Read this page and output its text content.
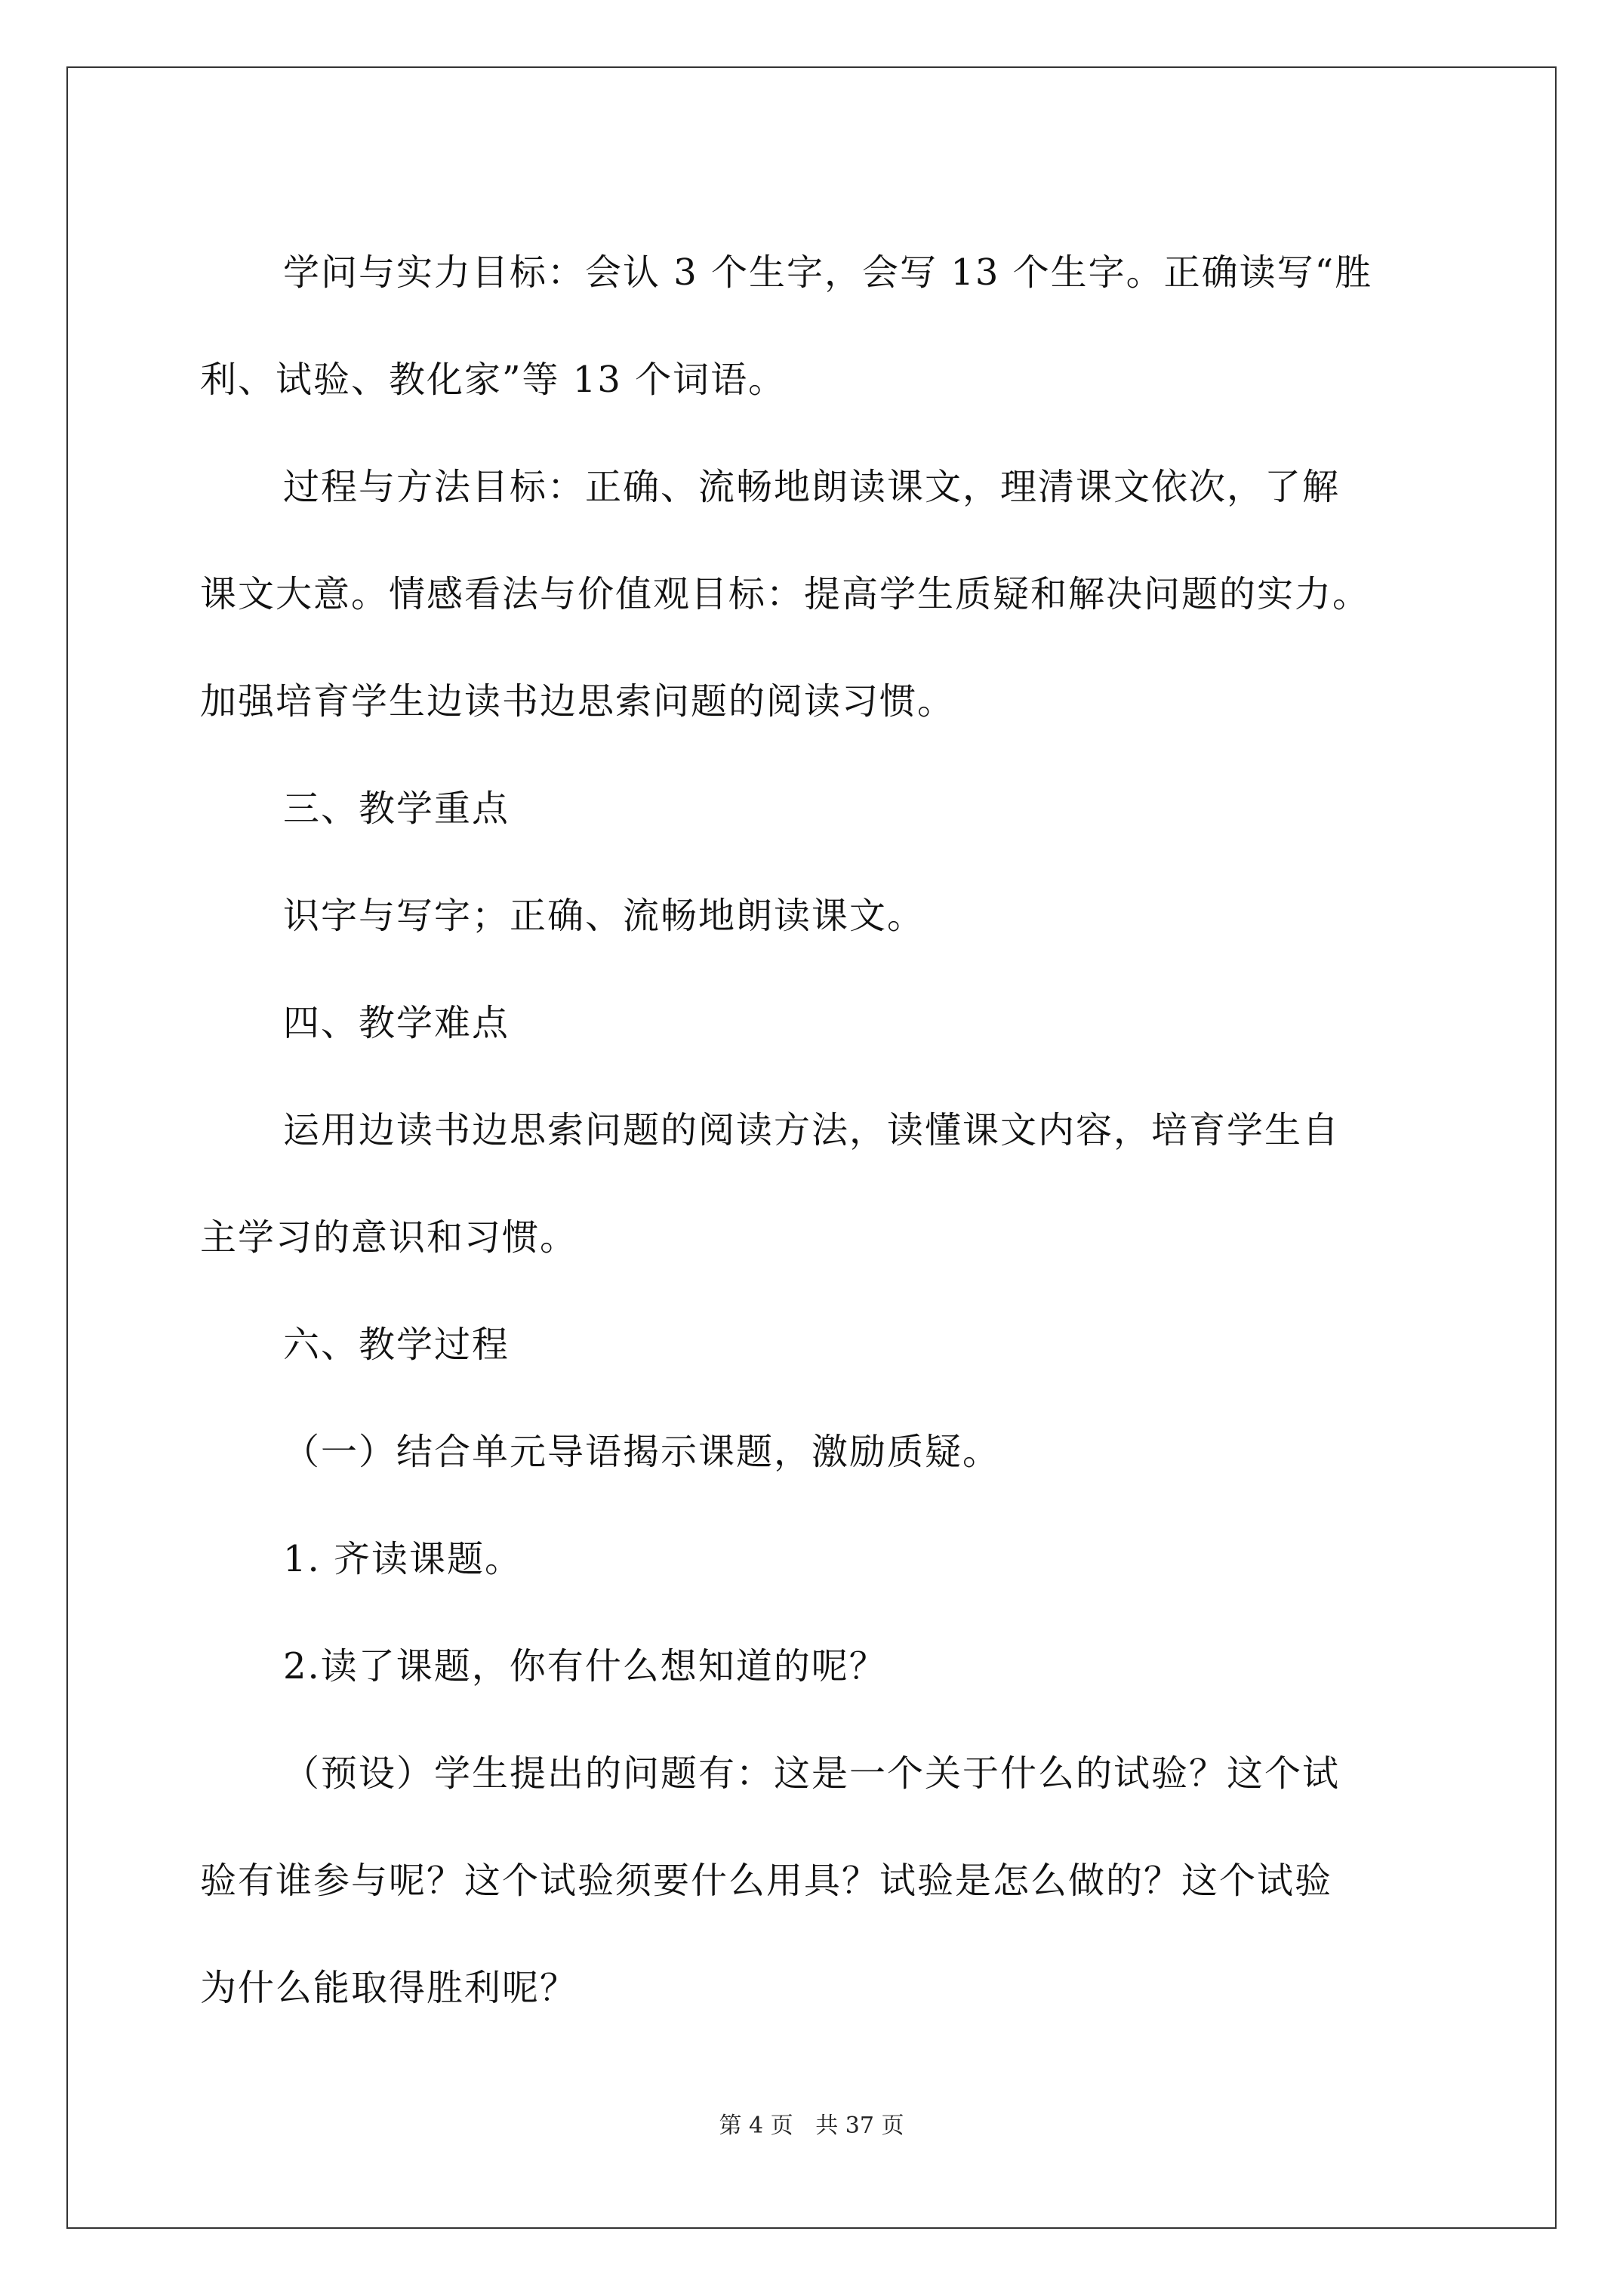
学问与实力目标：会认 3 个生字，会写 13 个生字。正确读写“胜
利、试验、教化家”等 13 个词语。
过程与方法目标：正确、流畅地朗读课文，理清课文依次，了解
课文大意。情感看法与价值观目标：提高学生质疑和解决问题的实力。
加强培育学生边读书边思索问题的阅读习惯。
三、教学重点
识字与写字；正确、流畅地朗读课文。
四、教学难点
运用边读书边思索问题的阅读方法，读懂课文内容，培育学生自
主学习的意识和习惯。
六、教学过程
（一）结合单元导语揭示课题，激励质疑。
1. 齐读课题。
2.读了课题，你有什么想知道的呢？
（预设）学生提出的问题有：这是一个关于什么的试验？这个试
验有谁参与呢？这个试验须要什么用具？试验是怎么做的？这个试验
为什么能取得胜利呢？
第 4 页 共 37 页
